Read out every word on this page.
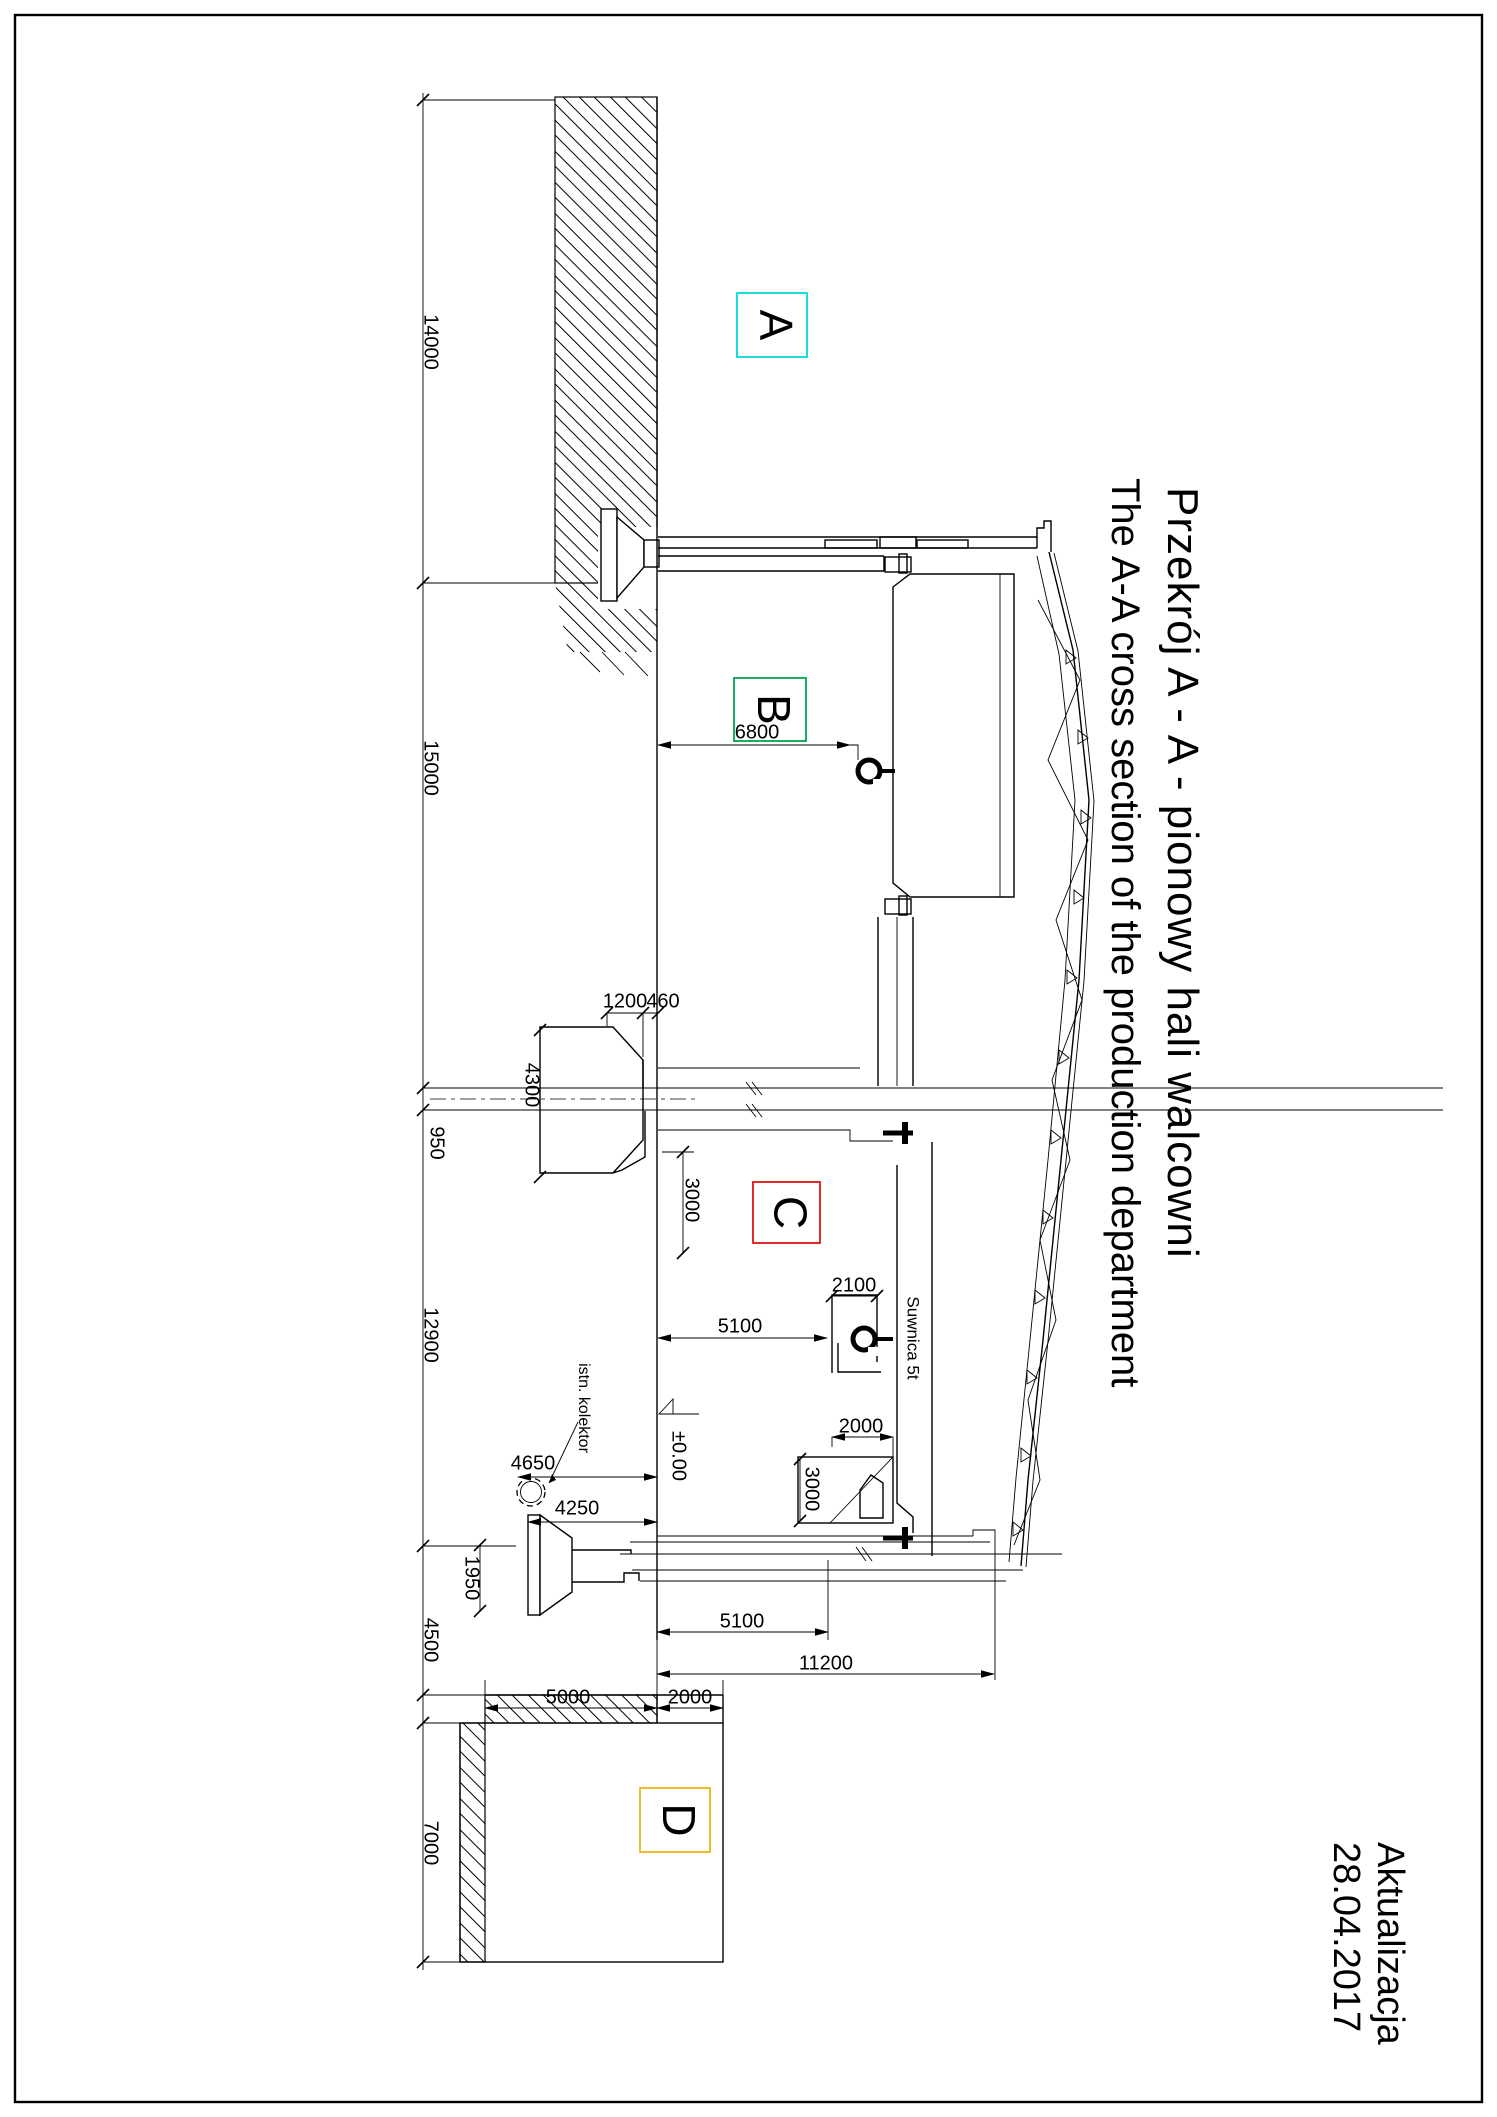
14000
15000
950
12900
4500
7000
6800
1200 460
4300
3000
5100
2100
2000
3000
4650
4250
1950
5100
11200
5000	2000
±0.00
istn. kolektor
Suwnica 5t
Przekrój A - A - pionowy hali walcowni
The A-A cross section of the production department
Aktualizacja
28.04.2017
A
B
C
D
